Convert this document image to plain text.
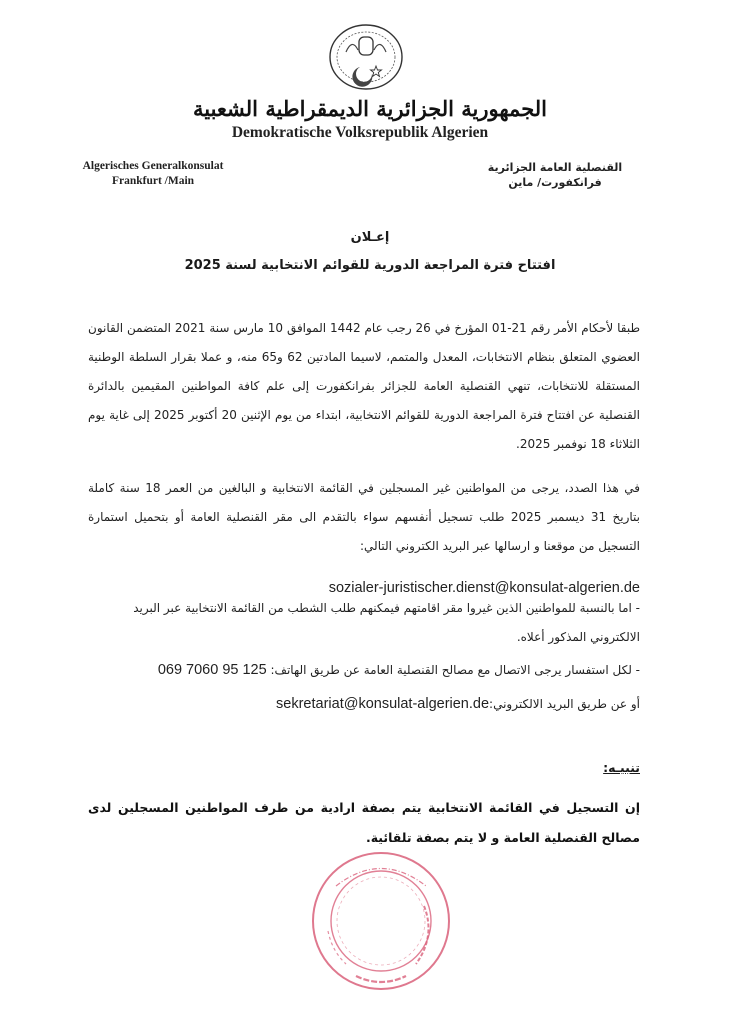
الجمهورية الجزائرية الديمقراطية الشعبية
Demokratische Volksrepublik Algerien
Algerisches Generalkonsulat
Frankfurt /Main
القنصلية العامة الجزائرية
فرانكفورت/ ماين
إعـلان
افتتاح فترة المراجعة الدورية للقوائم الانتخابية لسنة 2025
طبقا لأحكام الأمر رقم 21-01 المؤرخ في 26 رجب عام 1442 الموافق 10 مارس سنة 2021 المتضمن القانون العضوي المتعلق بنظام الانتخابات، المعدل والمتمم، لاسيما المادتين 62 و65 منه، و عملا بقرار السلطة الوطنية المستقلة للانتخابات، تنهي القنصلية العامة للجزائر بفرانكفورت إلى علم كافة المواطنين المقيمين بالدائرة القنصلية عن افتتاح فترة المراجعة الدورية للقوائم الانتخابية، ابتداء من يوم الإثنين 20 أكتوبر 2025 إلى غاية يوم الثلاثاء 18 نوفمبر 2025.
في هذا الصدد، يرجى من المواطنين غير المسجلين في القائمة الانتخابية و البالغين من العمر 18 سنة كاملة بتاريخ 31 ديسمبر 2025 طلب تسجيل أنفسهم سواء بالتقدم الى مقر القنصلية العامة أو بتحميل استمارة التسجيل من موقعنا و ارسالها عبر البريد الكتروني التالي:
sozialer-juristischer.dienst@konsulat-algerien.de
- اما بالنسبة للمواطنين الذين غيروا مقر اقامتهم فيمكنهم طلب الشطب من القائمة الانتخابية عبر البريد
الالكتروني المذكور أعلاه.
- لكل استفسار يرجى الاتصال مع مصالح القنصلية العامة عن طريق الهاتف: 069 7060 95 125
أو عن طريق البريد الالكتروني:sekretariat@konsulat-algerien.de
تنبيـه:
إن التسجيل في القائمة الانتخابية يتم بصفة ارادية من طرف المواطنين المسجلين لدى مصالح القنصلية العامة و لا يتم بصفة تلقائية.
